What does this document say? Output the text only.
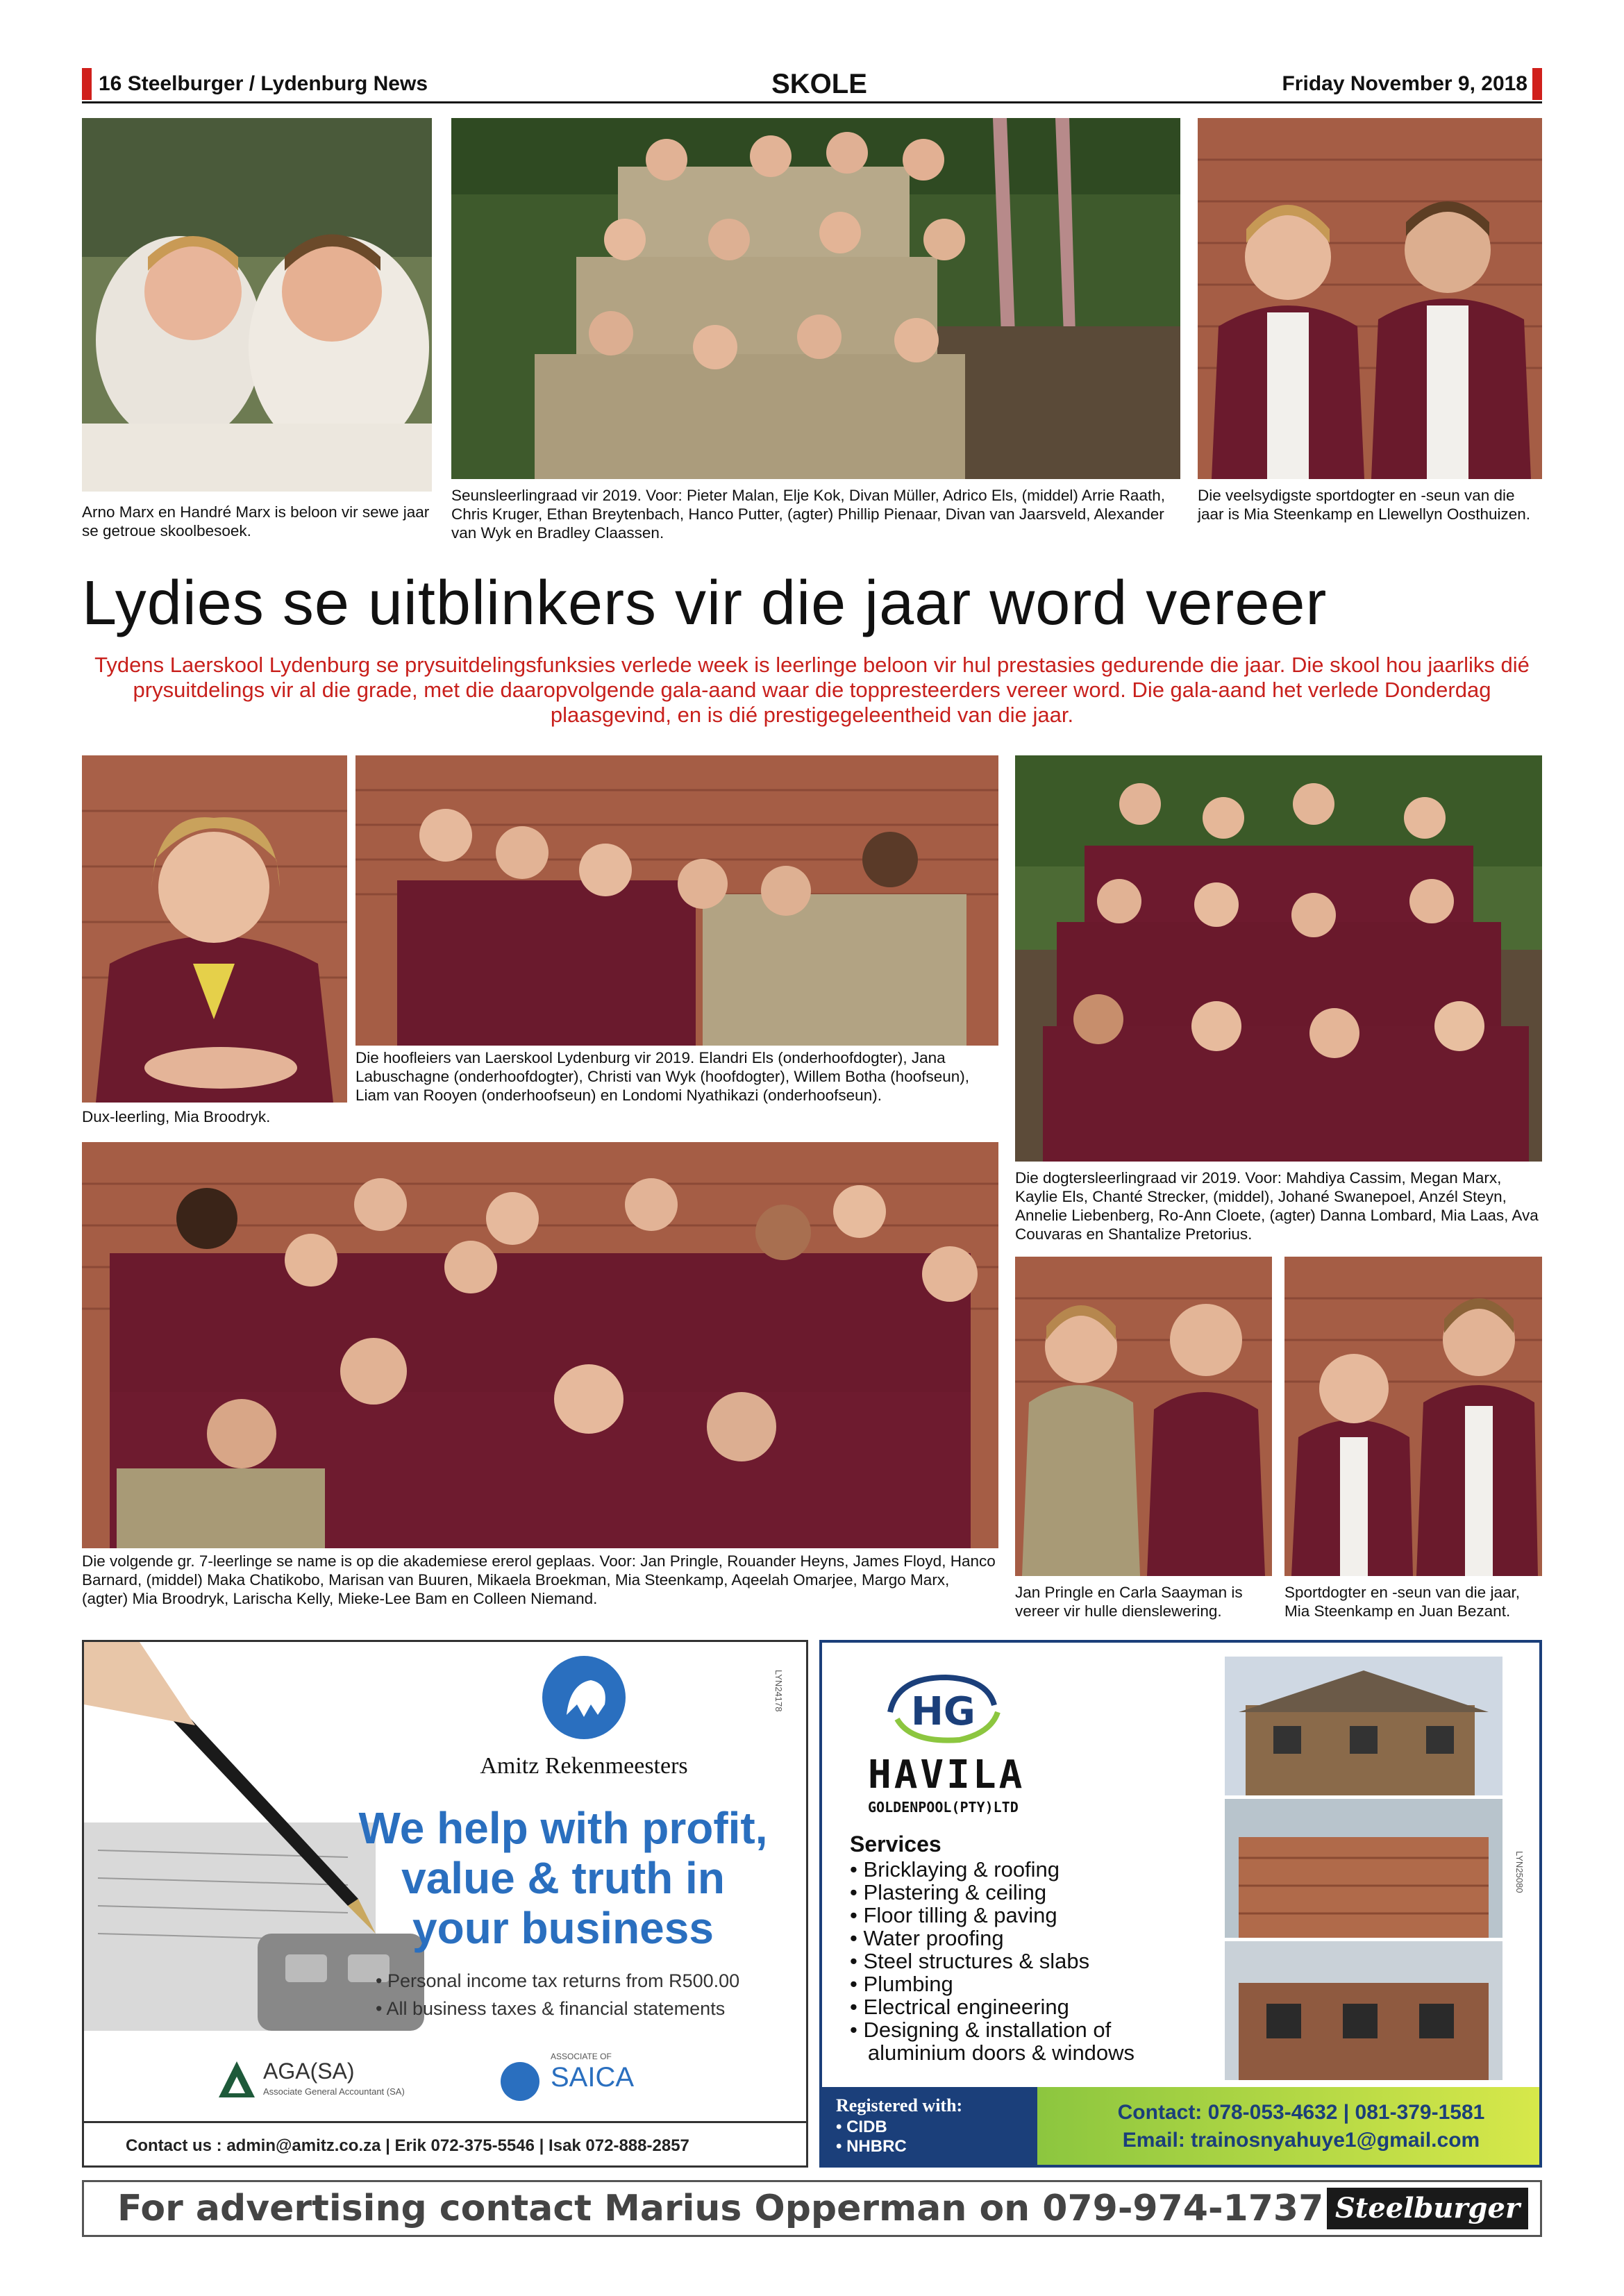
16 Steelburger / Lydenburg News	SKOLE	Friday November 9, 2018
Arno Marx en Handré Marx is beloon vir sewe jaar se getroue skoolbesoek.
Seunsleerlingraad vir 2019. Voor: Pieter Malan, Elje Kok, Divan Müller, Adrico Els, (middel) Arrie Raath, Chris Kruger, Ethan Breytenbach, Hanco Putter, (agter) Phillip Pienaar, Divan van Jaarsveld, Alexander van Wyk en Bradley Claassen.
Die veelsydigste sportdogter en -seun van die jaar is Mia Steenkamp en Llewellyn Oosthuizen.
Lydies se uitblinkers vir die jaar word vereer
Tydens Laerskool Lydenburg se prysuitdelingsfunksies verlede week is leerlinge beloon vir hul prestasies gedurende die jaar. Die skool hou jaarliks dié prysuitdelings vir al die grade, met die daaropvolgende gala-aand waar die toppresteerders vereer word. Die gala-aand het verlede Donderdag plaasgevind, en is dié prestigegeleentheid van die jaar.
Dux-leerling, Mia Broodryk.
Die hoofleiers van Laerskool Lydenburg vir 2019. Elandri Els (onderhoofdogter), Jana Labuschagne (onderhoofdogter), Christi van Wyk (hoofdogter), Willem Botha (hoofseun), Liam van Rooyen (onderhoofseun) en Londomi Nyathikazi (onderhoofseun).
Die dogtersleerlingraad vir 2019. Voor: Mahdiya Cassim, Megan Marx, Kaylie Els, Chanté Strecker, (middel), Johané Swanepoel, Anzél Steyn, Annelie Liebenberg, Ro-Ann Cloete, (agter) Danna Lombard, Mia Laas, Ava Couvaras en Shantalize Pretorius.
Die volgende gr. 7-leerlinge se name is op die akademiese ererol geplaas. Voor: Jan Pringle, Rouander Heyns, James Floyd, Hanco Barnard, (middel) Maka Chatikobo, Marisan van Buuren, Mikaela Broekman, Mia Steenkamp, Aqeelah Omarjee, Margo Marx, (agter) Mia Broodryk, Larischa Kelly, Mieke-Lee Bam en Colleen Niemand.	Jan Pringle en Carla Saayman is vereer vir hulle dienslewering.
Sportdogter en -seun van die jaar, Mia Steenkamp en Juan Bezant.
Amitz Rekenmeesters
We help with profit,
value & truth in
your business
• Personal income tax returns from R500.00
• All business taxes & financial statements
AGA(SA)
Associate General Accountant (SA)
ASSOCIATE OF
SAICA
Contact us : admin@amitz.co.za | Erik 072-375-5546 | Isak 072-888-2857
LYN24178	HG
HAVILA
GOLDENPOOL(PTY)LTD
Services
• Bricklaying & roofing
• Plastering & ceiling
• Floor tilling & paving
• Water proofing
• Steel structures & slabs
• Plumbing
• Electrical engineering
• Designing & installation of
aluminium doors & windows
Registered with:
• CIDB
• NHBRC
Contact: 078-053-4632 | 081-379-1581
Email: trainosnyahuye1@gmail.com
LYN25080
For advertising contact Marius Opperman on 079-974-1737 Steelburger
